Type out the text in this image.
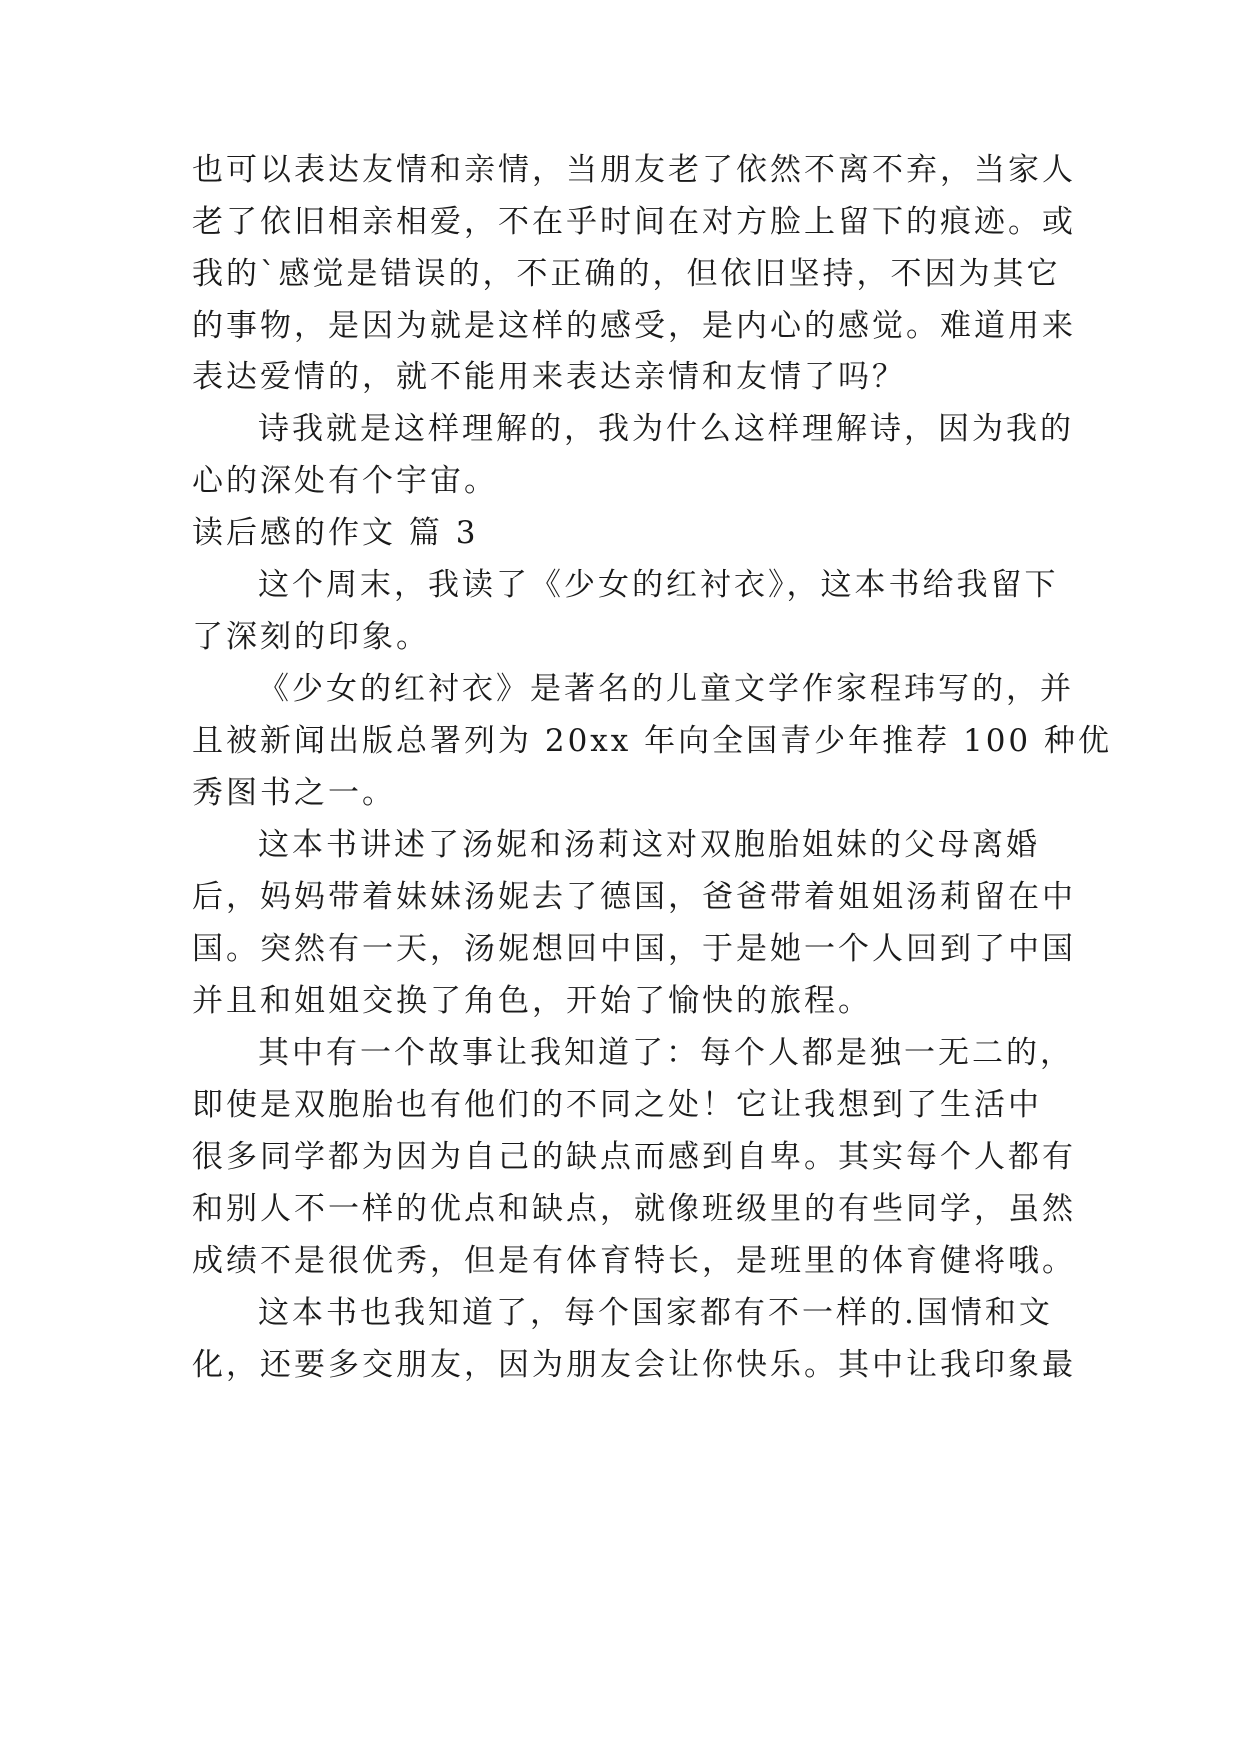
也可以表达友情和亲情，当朋友老了依然不离不弃，当家人
老了依旧相亲相爱，不在乎时间在对方脸上留下的痕迹。或
我的`感觉是错误的，不正确的，但依旧坚持，不因为其它
的事物，是因为就是这样的感受，是内心的感觉。难道用来
表达爱情的，就不能用来表达亲情和友情了吗？
诗我就是这样理解的，我为什么这样理解诗，因为我的
心的深处有个宇宙。
读后感的作文 篇 3
这个周末，我读了《少女的红衬衣》，这本书给我留下
了深刻的印象。
《少女的红衬衣》是著名的儿童文学作家程玮写的，并
且被新闻出版总署列为 20xx 年向全国青少年推荐 100 种优
秀图书之一。
这本书讲述了汤妮和汤莉这对双胞胎姐妹的父母离婚
后，妈妈带着妹妹汤妮去了德国，爸爸带着姐姐汤莉留在中
国。突然有一天，汤妮想回中国，于是她一个人回到了中国
并且和姐姐交换了角色，开始了愉快的旅程。
其中有一个故事让我知道了：每个人都是独一无二的，
即使是双胞胎也有他们的不同之处！它让我想到了生活中
很多同学都为因为自己的缺点而感到自卑。其实每个人都有
和别人不一样的优点和缺点，就像班级里的有些同学，虽然
成绩不是很优秀，但是有体育特长，是班里的体育健将哦。
这本书也我知道了，每个国家都有不一样的.国情和文
化，还要多交朋友，因为朋友会让你快乐。其中让我印象最
